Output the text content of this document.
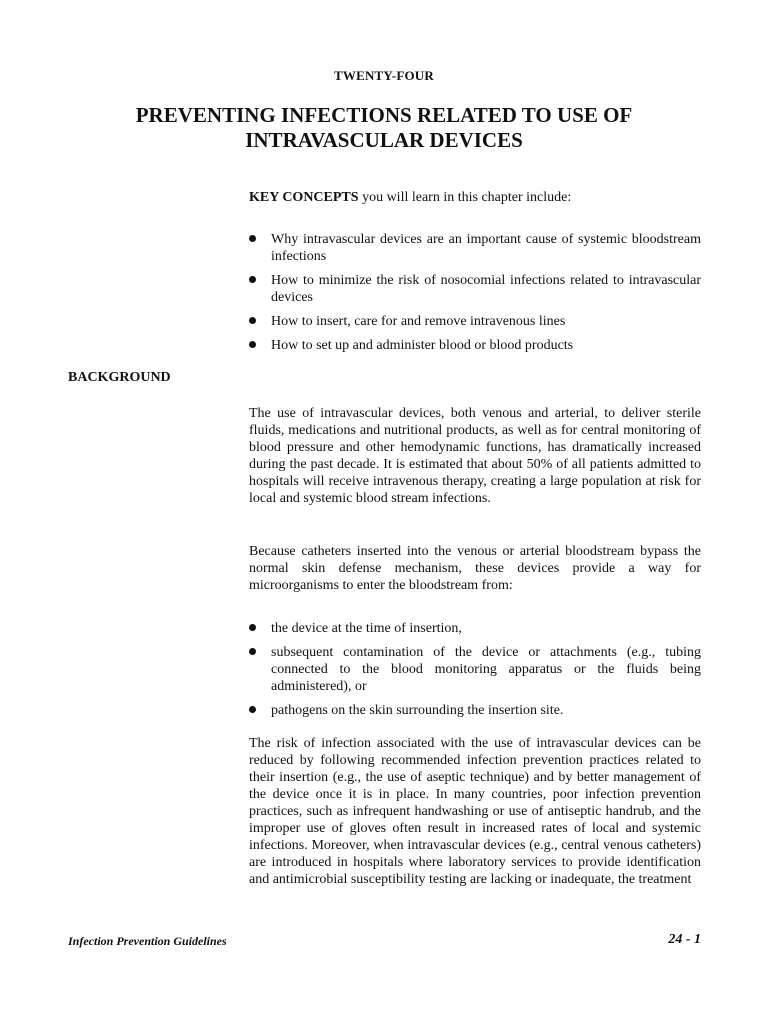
TWENTY-FOUR
PREVENTING INFECTIONS RELATED TO USE OF
INTRAVASCULAR DEVICES
KEY CONCEPTS you will learn in this chapter include:
Why intravascular devices are an important cause of systemic bloodstream infections
How to minimize the risk of nosocomial infections related to intravascular devices
How to insert, care for and remove intravenous lines
How to set up and administer blood or blood products
BACKGROUND

The use of intravascular devices, both venous and arterial, to deliver sterile fluids, medications and nutritional products, as well as for central monitoring of blood pressure and other hemodynamic functions, has dramatically increased during the past decade. It is estimated that about 50% of all patients admitted to hospitals will receive intravenous therapy, creating a large population at risk for local and systemic blood stream infections.

Because catheters inserted into the venous or arterial bloodstream bypass the normal skin defense mechanism, these devices provide a way for microorganisms to enter the bloodstream from:

the device at the time of insertion,
subsequent contamination of the device or attachments (e.g., tubing connected to the blood monitoring apparatus or the fluids being administered), or
pathogens on the skin surrounding the insertion site.

The risk of infection associated with the use of intravascular devices can be reduced by following recommended infection prevention practices related to their insertion (e.g., the use of aseptic technique) and by better management of the device once it is in place. In many countries, poor infection prevention practices, such as infrequent handwashing or use of antiseptic handrub, and the improper use of gloves often result in increased rates of local and systemic infections. Moreover, when intravascular devices (e.g., central venous catheters) are introduced in hospitals where laboratory services to provide identification and antimicrobial susceptibility testing are lacking or inadequate, the treatment

Infection Prevention Guidelines	24 - 1
